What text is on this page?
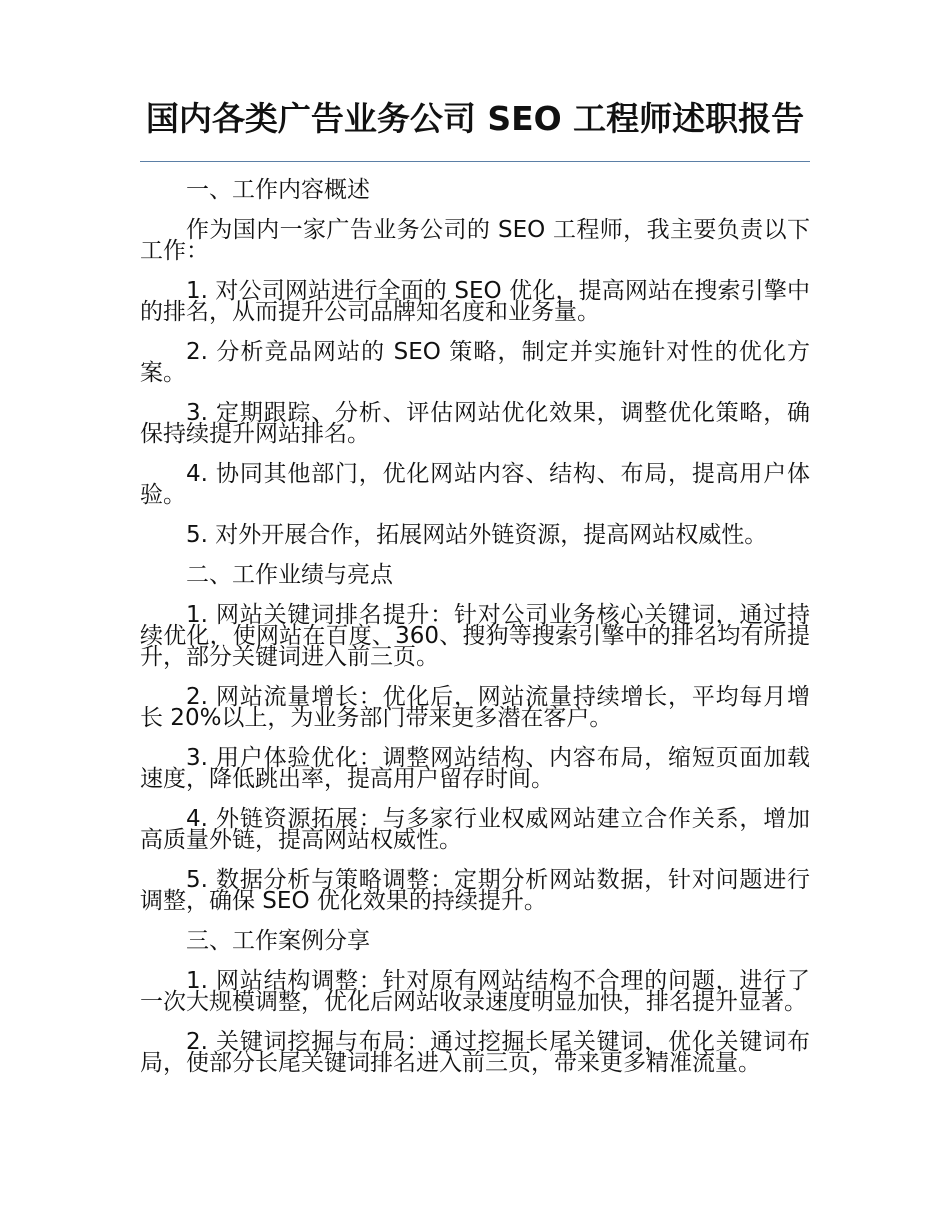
国内各类广告业务公司 SEO 工程师述职报告

一、工作内容概述

作为国内一家广告业务公司的 SEO 工程师，我主要负责以下工作：

1. 对公司网站进行全面的 SEO 优化，提高网站在搜索引擎中的排名，从而提升公司品牌知名度和业务量。

2. 分析竞品网站的 SEO 策略，制定并实施针对性的优化方案。

3. 定期跟踪、分析、评估网站优化效果，调整优化策略，确保持续提升网站排名。

4. 协同其他部门，优化网站内容、结构、布局，提高用户体验。

5. 对外开展合作，拓展网站外链资源，提高网站权威性。

二、工作业绩与亮点

1. 网站关键词排名提升：针对公司业务核心关键词，通过持续优化，使网站在百度、360、搜狗等搜索引擎中的排名均有所提升，部分关键词进入前三页。

2. 网站流量增长：优化后，网站流量持续增长，平均每月增长 20%以上，为业务部门带来更多潜在客户。

3. 用户体验优化：调整网站结构、内容布局，缩短页面加载速度，降低跳出率，提高用户留存时间。

4. 外链资源拓展：与多家行业权威网站建立合作关系，增加高质量外链，提高网站权威性。

5. 数据分析与策略调整：定期分析网站数据，针对问题进行调整，确保 SEO 优化效果的持续提升。

三、工作案例分享

1. 网站结构调整：针对原有网站结构不合理的问题，进行了一次大规模调整，优化后网站收录速度明显加快，排名提升显著。

2. 关键词挖掘与布局：通过挖掘长尾关键词，优化关键词布局，使部分长尾关键词排名进入前三页，带来更多精准流量。
